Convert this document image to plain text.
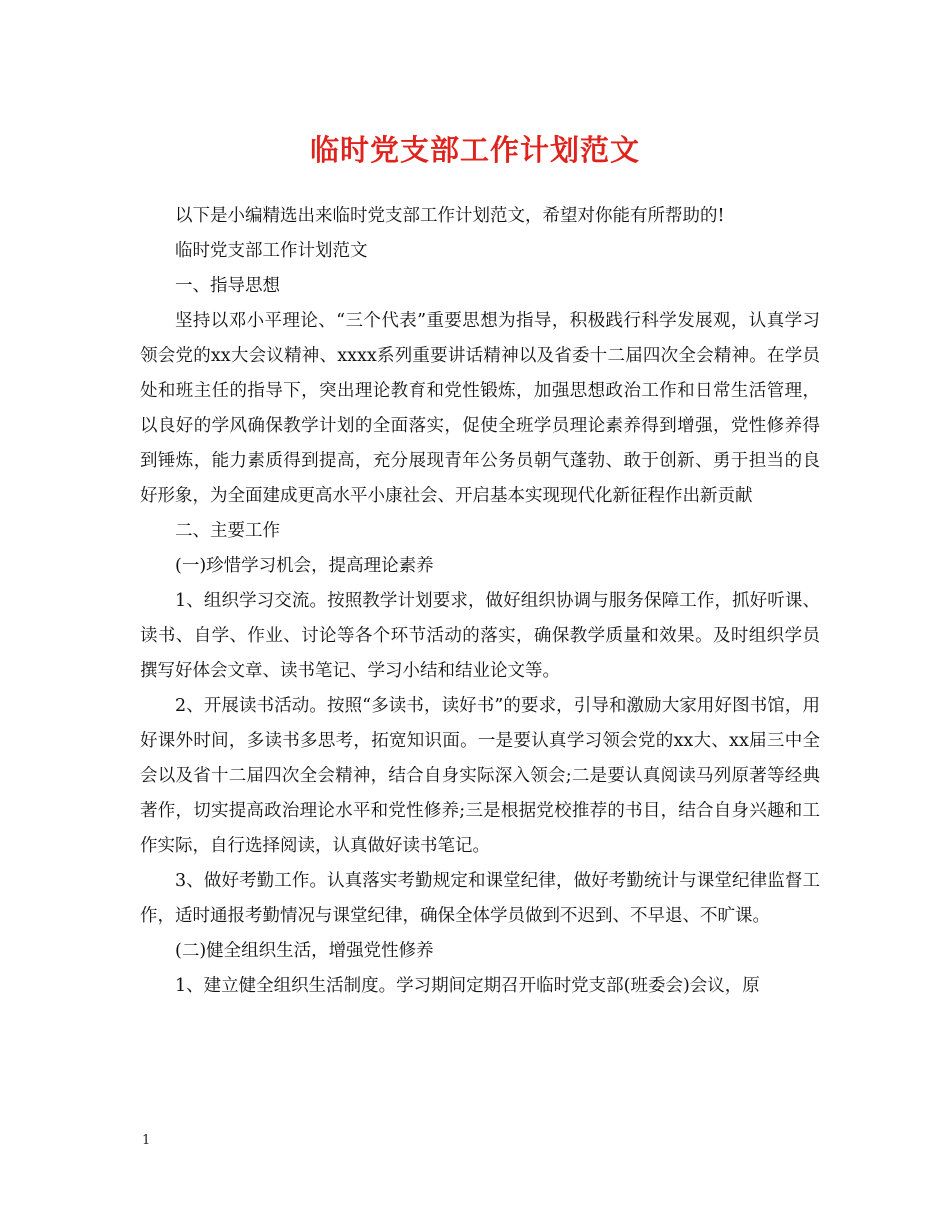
临时党支部工作计划范文

以下是小编精选出来临时党支部工作计划范文，希望对你能有所帮助的!

临时党支部工作计划范文

一、指导思想

坚持以邓小平理论、“三个代表”重要思想为指导，积极践行科学发展观，认真学习领会党的xx大会议精神、xxxx系列重要讲话精神以及省委十二届四次全会精神。在学员处和班主任的指导下，突出理论教育和党性锻炼，加强思想政治工作和日常生活管理，以良好的学风确保教学计划的全面落实，促使全班学员理论素养得到增强，党性修养得到锤炼，能力素质得到提高，充分展现青年公务员朝气蓬勃、敢于创新、勇于担当的良好形象，为全面建成更高水平小康社会、开启基本实现现代化新征程作出新贡献

二、主要工作

(一)珍惜学习机会，提高理论素养

1、组织学习交流。按照教学计划要求，做好组织协调与服务保障工作，抓好听课、读书、自学、作业、讨论等各个环节活动的落实，确保教学质量和效果。及时组织学员撰写好体会文章、读书笔记、学习小结和结业论文等。

2、开展读书活动。按照“多读书，读好书”的要求，引导和激励大家用好图书馆，用好课外时间，多读书多思考，拓宽知识面。一是要认真学习领会党的xx大、xx届三中全会以及省十二届四次全会精神，结合自身实际深入领会;二是要认真阅读马列原著等经典著作，切实提高政治理论水平和党性修养;三是根据党校推荐的书目，结合自身兴趣和工作实际，自行选择阅读，认真做好读书笔记。

3、做好考勤工作。认真落实考勤规定和课堂纪律，做好考勤统计与课堂纪律监督工作，适时通报考勤情况与课堂纪律，确保全体学员做到不迟到、不早退、不旷课。

(二)健全组织生活，增强党性修养

1、建立健全组织生活制度。学习期间定期召开临时党支部(班委会)会议，原

1
